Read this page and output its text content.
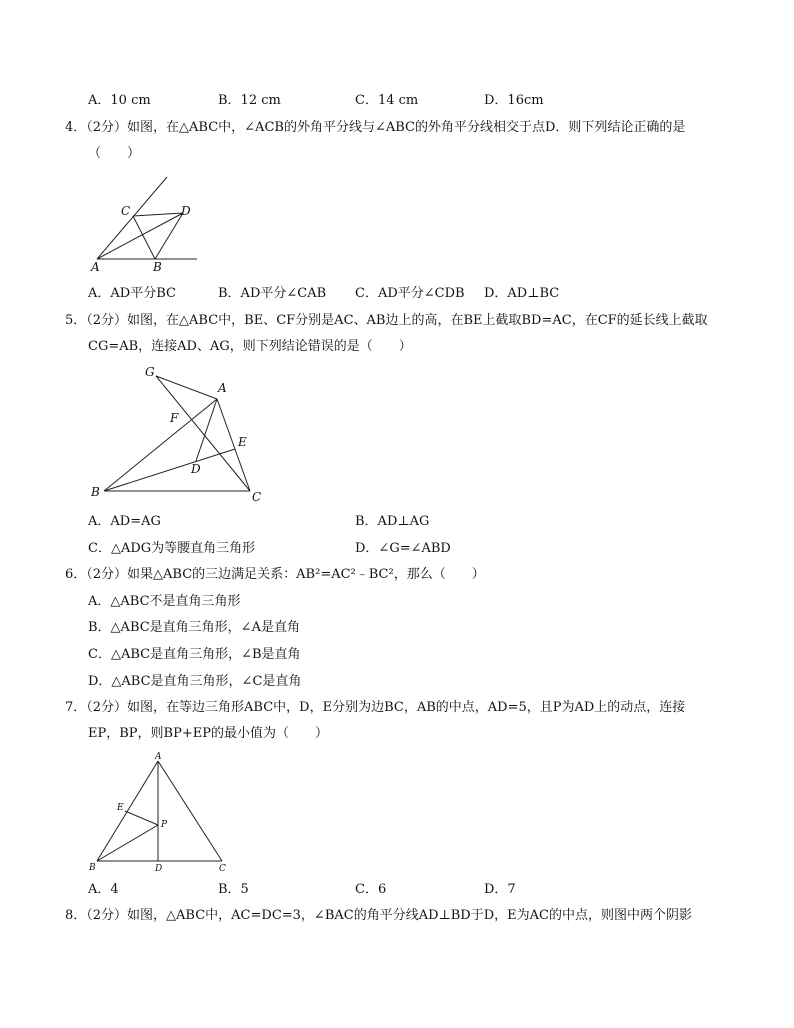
A．10 cm	B．12 cm	C．14 cm	D．16cm
4．（2分）如图，在△ABC中，∠ACB的外角平分线与∠ABC的外角平分线相交于点D．则下列结论正确的是
（　　）
A	B
C	D
A．AD平分BC	B．AD平分∠CAB C．AD平分∠CDB D．AD⊥BC
5．（2分）如图，在△ABC中，BE、CF分别是AC、AB边上的高，在BE上截取BD=AC，在CF的延长线上截取
CG=AB，连接AD、AG，则下列结论错误的是（　　）
G
A
F
E
D
B	C
A．AD=AG	B．AD⊥AG
C．△ADG为等腰直角三角形	D．∠G=∠ABD
6．（2分）如果△ABC的三边满足关系：AB²=AC²﹣BC²，那么（　　）
A．△ABC不是直角三角形
B．△ABC是直角三角形，∠A是直角
C．△ABC是直角三角形，∠B是直角
D．△ABC是直角三角形，∠C是直角
7．（2分）如图，在等边三角形ABC中，D，E分别为边BC，AB的中点，AD=5，且P为AD上的动点，连接
EP，BP，则BP+EP的最小值为（　　）
A
E
P
B	D	C
A．4	B．5	C．6	D．7
8．（2分）如图，△ABC中，AC=DC=3，∠BAC的角平分线AD⊥BD于D，E为AC的中点，则图中两个阴影
